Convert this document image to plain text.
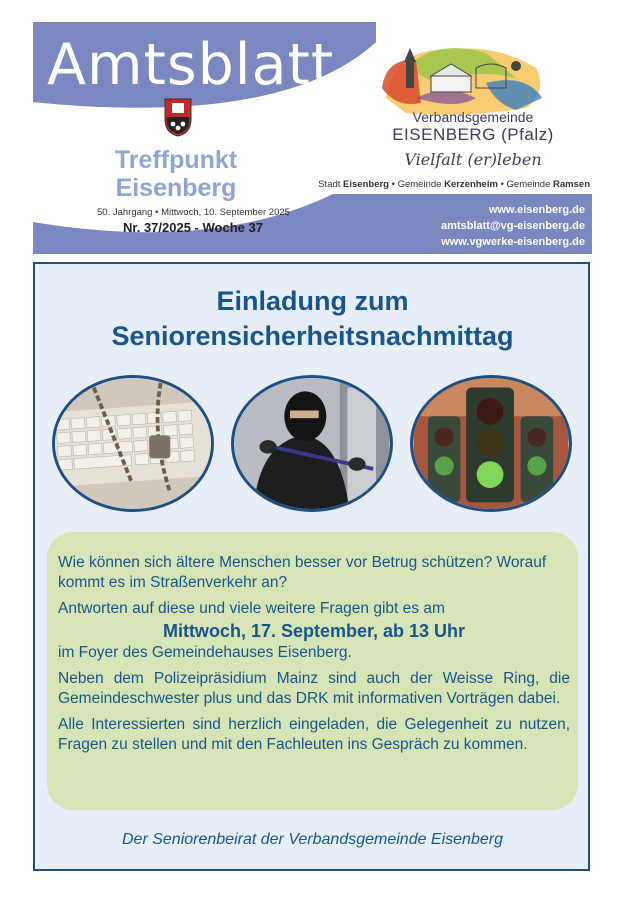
Amtsblatt
Treffpunkt
Eisenberg
50. Jahrgang • Mittwoch, 10. September 2025
Nr. 37/2025 - Woche 37
Verbandsgemeinde
EISENBERG (Pfalz)
Vielfalt (er)leben
Stadt Eisenberg • Gemeinde Kerzenheim • Gemeinde Ramsen
www.eisenberg.de
amtsblatt@vg-eisenberg.de
www.vgwerke-eisenberg.de
Einladung zum
Seniorensicherheitsnachmittag

Wie können sich ältere Menschen besser vor Betrug schützen? Worauf kommt es im Straßenverkehr an?

Antworten auf diese und viele weitere Fragen gibt es am

Mittwoch, 17. September, ab 13 Uhr

im Foyer des Gemeindehauses Eisenberg.

Neben dem Polizeipräsidium Mainz sind auch der Weisse Ring, die Gemeindeschwester plus und das DRK mit informativen Vorträgen dabei.

Alle Interessierten sind herzlich eingeladen, die Gelegenheit zu nutzen, Fragen zu stellen und mit den Fachleuten ins Gespräch zu kommen.

Der Seniorenbeirat der Verbandsgemeinde Eisenberg
